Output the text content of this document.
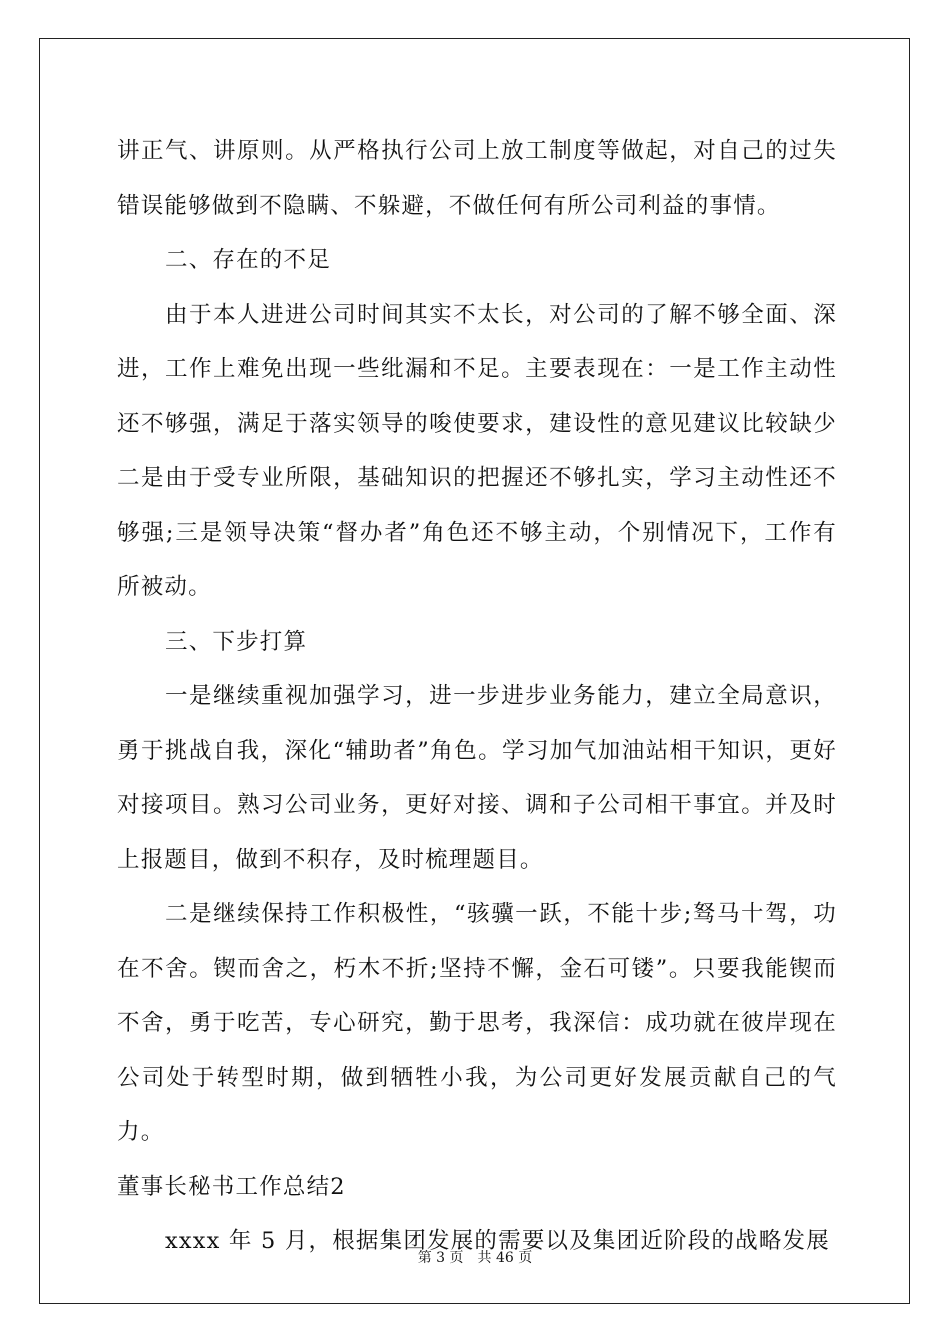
讲正气、讲原则。从严格执行公司上放工制度等做起，对自己的过失错误能够做到不隐瞒、不躲避，不做任何有所公司利益的事情。

二、存在的不足

由于本人进进公司时间其实不太长，对公司的了解不够全面、深进，工作上难免出现一些纰漏和不足。主要表现在：一是工作主动性还不够强，满足于落实领导的唆使要求，建设性的意见建议比较缺少二是由于受专业所限，基础知识的把握还不够扎实，学习主动性还不够强;三是领导决策“督办者”角色还不够主动，个别情况下，工作有所被动。

三、下步打算

一是继续重视加强学习，进一步进步业务能力，建立全局意识，勇于挑战自我，深化“辅助者”角色。学习加气加油站相干知识，更好对接项目。熟习公司业务，更好对接、调和子公司相干事宜。并及时上报题目，做到不积存，及时梳理题目。

二是继续保持工作积极性，“骇骥一跃，不能十步;驽马十驾，功在不舍。锲而舍之，朽木不折;坚持不懈，金石可镂”。只要我能锲而不舍，勇于吃苦，专心研究，勤于思考，我深信：成功就在彼岸现在公司处于转型时期，做到牺牲小我，为公司更好发展贡献自己的气力。

董事长秘书工作总结2

xxxx 年 5 月，根据集团发展的需要以及集团近阶段的战略发展

第 3 页 共 46 页
